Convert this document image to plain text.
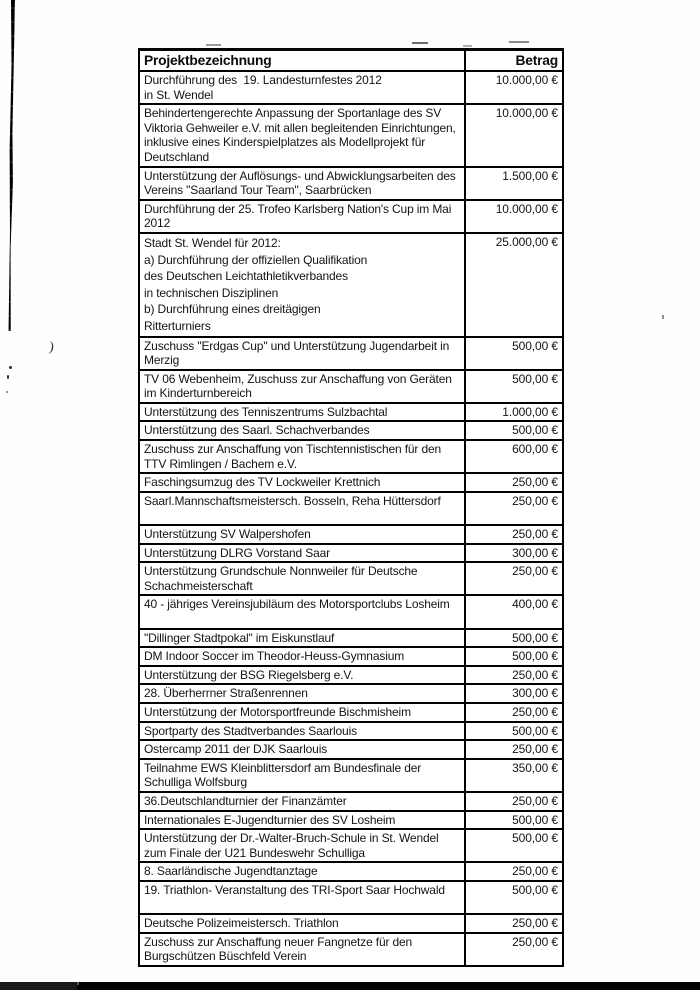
)
Projektbezeichnung	Betrag
Durchführung des  19. Landesturnfestes 2012
in St. Wendel
10.000,00 €
Behindertengerechte Anpassung der Sportanlage des SV
Viktoria Gehweiler e.V. mit allen begleitenden Einrichtungen,
inklusive eines Kinderspielplatzes als Modellprojekt für
Deutschland
10.000,00 €
Unterstützung der Auflösungs- und Abwicklungsarbeiten des
Vereins "Saarland Tour Team", Saarbrücken
1.500,00 €
Durchführung der 25. Trofeo Karlsberg Nation's Cup im Mai
2012
10.000,00 €
Stadt St. Wendel für 2012:
a) Durchführung der offiziellen Qualifikation
des Deutschen Leichtathletikverbandes
in technischen Disziplinen
b) Durchführung eines dreitägigen
Ritterturniers
25.000,00 €
Zuschuss "Erdgas Cup" und Unterstützung Jugendarbeit in
Merzig
500,00 €
TV 06 Webenheim, Zuschuss zur Anschaffung von Geräten
im Kinderturnbereich
500,00 €
Unterstützung des Tenniszentrums Sulzbachtal	1.000,00 €
Unterstützung des Saarl. Schachverbandes	500,00 €
Zuschuss zur Anschaffung von Tischtennistischen für den
TTV Rimlingen / Bachem e.V.
600,00 €
Faschingsumzug des TV Lockweiler Krettnich	250,00 €
Saarl.Mannschaftsmeistersch. Bosseln, Reha Hüttersdorf
	250,00 €
Unterstützung SV Walpershofen	250,00 €
Unterstützung DLRG Vorstand Saar	300,00 €
Unterstützung Grundschule Nonnweiler für Deutsche
Schachmeisterschaft
250,00 €
40 - jähriges Vereinsjubiläum des Motorsportclubs Losheim
	400,00 €
"Dillinger Stadtpokal" im Eiskunstlauf	500,00 €
DM Indoor Soccer im Theodor-Heuss-Gymnasium	500,00 €
Unterstützung der BSG Riegelsberg e.V.	250,00 €
28. Überherrner Straßenrennen	300,00 €
Unterstützung der Motorsportfreunde Bischmisheim	250,00 €
Sportparty des Stadtverbandes Saarlouis	500,00 €
Ostercamp 2011 der DJK Saarlouis	250,00 €
Teilnahme EWS Kleinblittersdorf am Bundesfinale der
Schulliga Wolfsburg
350,00 €
36.Deutschlandturnier der Finanzämter	250,00 €
Internationales E-Jugendturnier des SV Losheim	500,00 €
Unterstützung der Dr.-Walter-Bruch-Schule in St. Wendel
zum Finale der U21 Bundeswehr Schulliga
500,00 €
8. Saarländische Jugendtanztage	250,00 €
19. Triathlon- Veranstaltung des TRI-Sport Saar Hochwald
	500,00 €
Deutsche Polizeimeistersch. Triathlon	250,00 €
Zuschuss zur Anschaffung neuer Fangnetze für den
Burgschützen Büschfeld Verein
250,00 €
